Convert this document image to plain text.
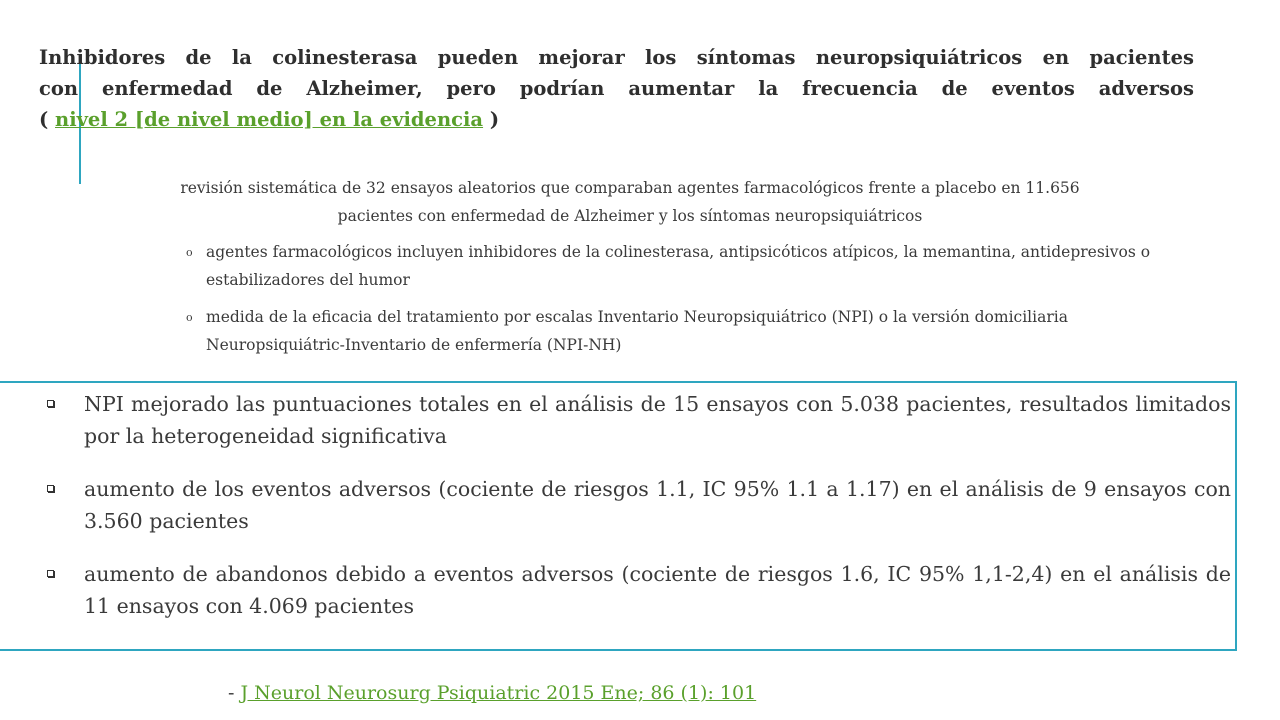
Inhibidores de la colinesterasa pueden mejorar los síntomas neuropsiquiátricos en pacientes
con enfermedad de Alzheimer, pero podrían aumentar la frecuencia de eventos adversos
( nivel 2 [de nivel medio] en la evidencia )
revisión sistemática de 32 ensayos aleatorios que comparaban agentes farmacológicos frente a placebo en 11.656
pacientes con enfermedad de Alzheimer y los síntomas neuropsiquiátricos
o agentes farmacológicos incluyen inhibidores de la colinesterasa, antipsicóticos atípicos, la memantina, antidepresivos o estabilizadores del humor
o medida de la eficacia del tratamiento por escalas Inventario Neuropsiquiátrico (NPI) o la versión domiciliaria Neuropsiquiátric-Inventario de enfermería (NPI-NH)
NPI mejorado las puntuaciones totales en el análisis de 15 ensayos con 5.038 pacientes, resultados limitados por la heterogeneidad significativa
aumento de los eventos adversos (cociente de riesgos 1.1, IC 95% 1.1 a 1.17) en el análisis de 9 ensayos con 3.560 pacientes
aumento de abandonos debido a eventos adversos (cociente de riesgos 1.6, IC 95% 1,1-2,4) en el análisis de 11 ensayos con 4.069 pacientes
- J Neurol Neurosurg Psiquiatric 2015 Ene; 86 (1): 101
